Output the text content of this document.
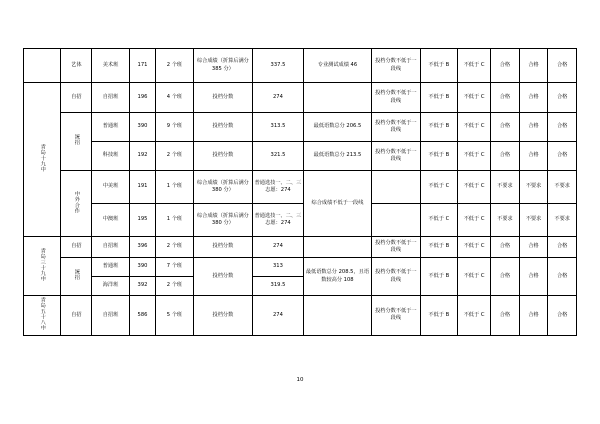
	艺体	美术班	171	2 个班	综合成绩（折算后满分 385 分）	337.5	专业测试成绩 46	投档分数不低于一段线	不低于 B	不低于 C	合格	合格	合格
青岛十九中	自招	自招班	196	4 个班	投档分数	274		投档分数不低于一段线	不低于 B	不低于 C	合格	合格	合格
	统招	普通班	390	9 个班	投档分数	313.5	最低语数总分 206.5	投档分数不低于一段线	不低于 B	不低于 C	合格	合格	合格
		科技班	192	2 个班	投档分数	321.5	最低语数总分 213.5	投档分数不低于一段线	不低于 B	不低于 C	合格	合格	合格
	中外合作	中美班	191	1 个班	综合成绩（折算后满分 380 分）	普通选技一、二、三志愿：274	综合成绩不低于一段线		不低于 C	不低于 C	不要求	不要求	不要求
		中澳班	195	1 个班	综合成绩（折算后满分 380 分）	普通选技一、二、三志愿：274			不低于 C	不低于 C	不要求	不要求	不要求
青岛三十九中	自招	自招班	396	2 个班	投档分数	274		投档分数不低于一段线	不低于 B	不低于 C	合格	合格	合格
	统招	普通班	390	7 个班	投档分数	313	最低语数总分 208.5，且语数较高分 108	投档分数不低于一段线	不低于 B	不低于 C	合格	合格	合格
		海洋班	392	2 个班		319.5							
青岛五十八中	自招	自招班	586	5 个班	投档分数	274		投档分数不低于一段线	不低于 B	不低于 C	合格	合格	合格
10
